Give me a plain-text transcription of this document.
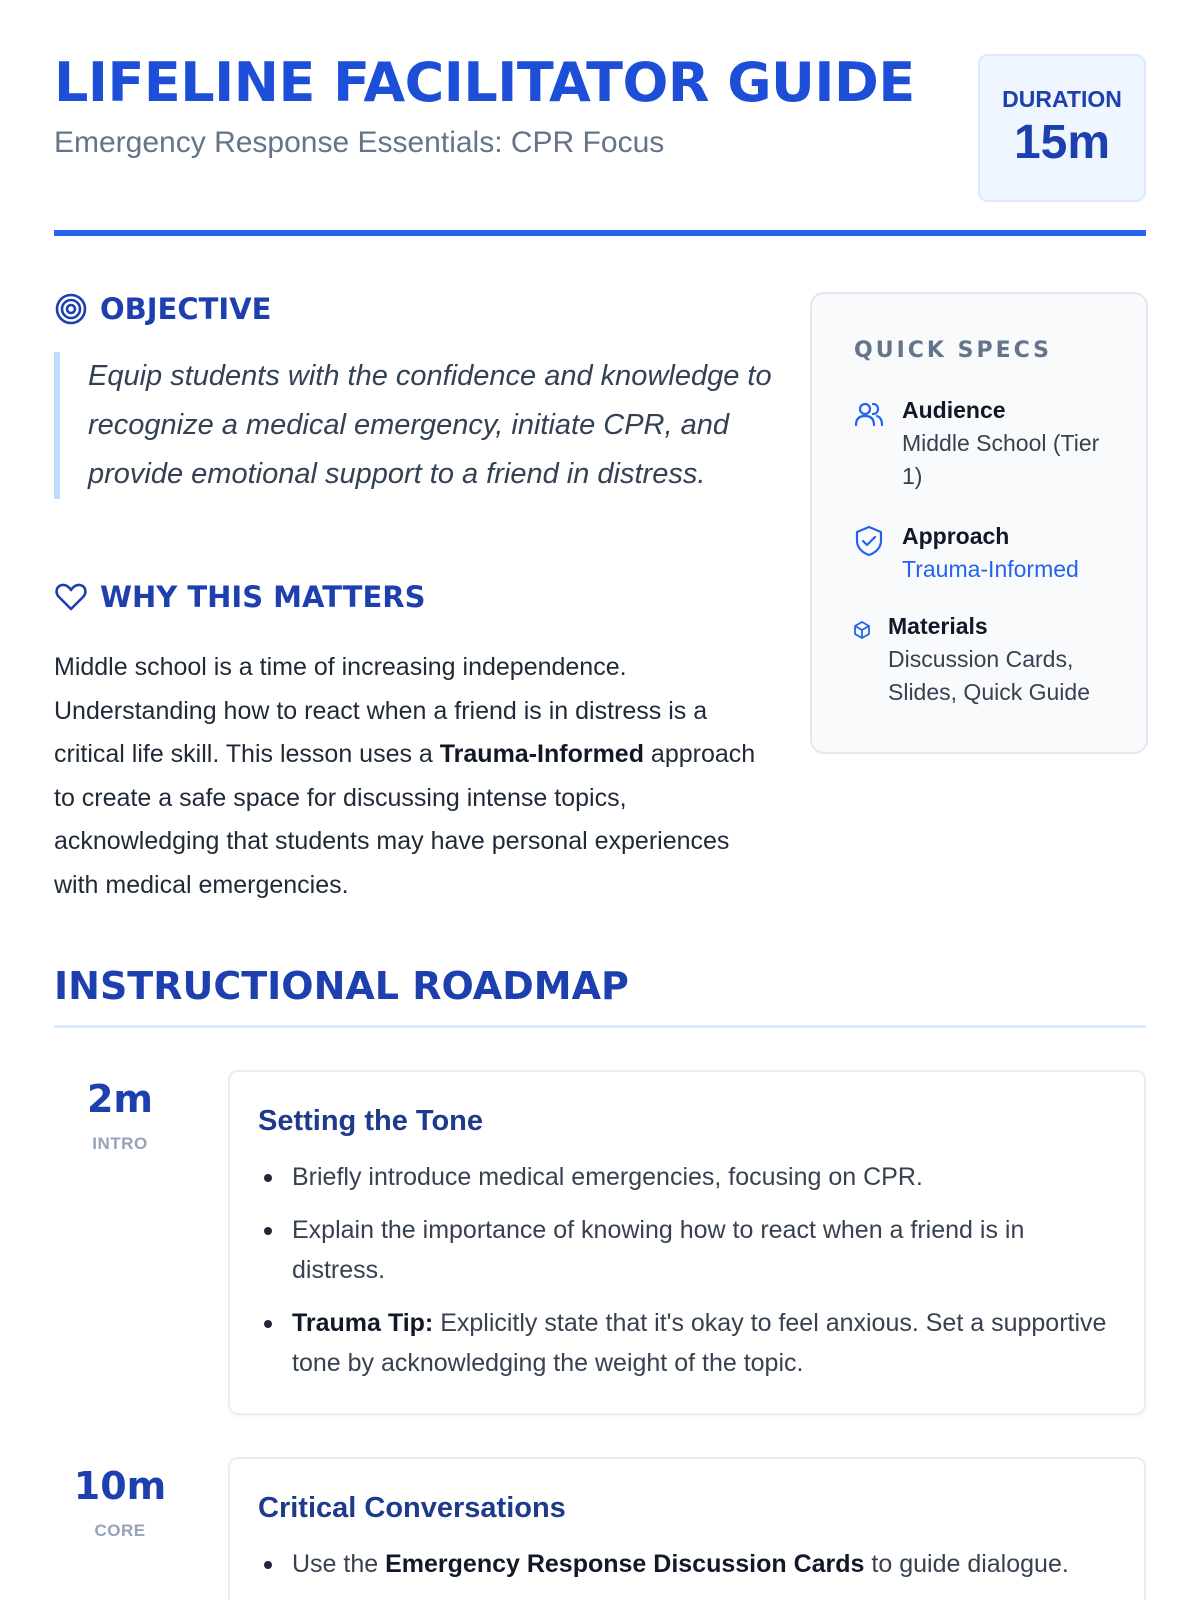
LIFELINE FACILITATOR GUIDE
Emergency Response Essentials: CPR Focus
DURATION
15m
OBJECTIVE
Equip students with the confidence and knowledge to recognize a medical emergency, initiate CPR, and provide emotional support to a friend in distress.
WHY THIS MATTERS
Middle school is a time of increasing independence. Understanding how to react when a friend is in distress is a critical life skill. This lesson uses a Trauma-Informed approach to create a safe space for discussing intense topics, acknowledging that students may have personal experiences with medical emergencies.
QUICK SPECS
Audience
Middle School (Tier 1)
Approach
Trauma-Informed
Materials
Discussion Cards, Slides, Quick Guide
INSTRUCTIONAL ROADMAP
2m
INTRO
Setting the Tone
Briefly introduce medical emergencies, focusing on CPR.
Explain the importance of knowing how to react when a friend is in distress.
Trauma Tip: Explicitly state that it's okay to feel anxious. Set a supportive tone by acknowledging the weight of the topic.
10m
CORE
Critical Conversations
Use the Emergency Response Discussion Cards to guide dialogue.
